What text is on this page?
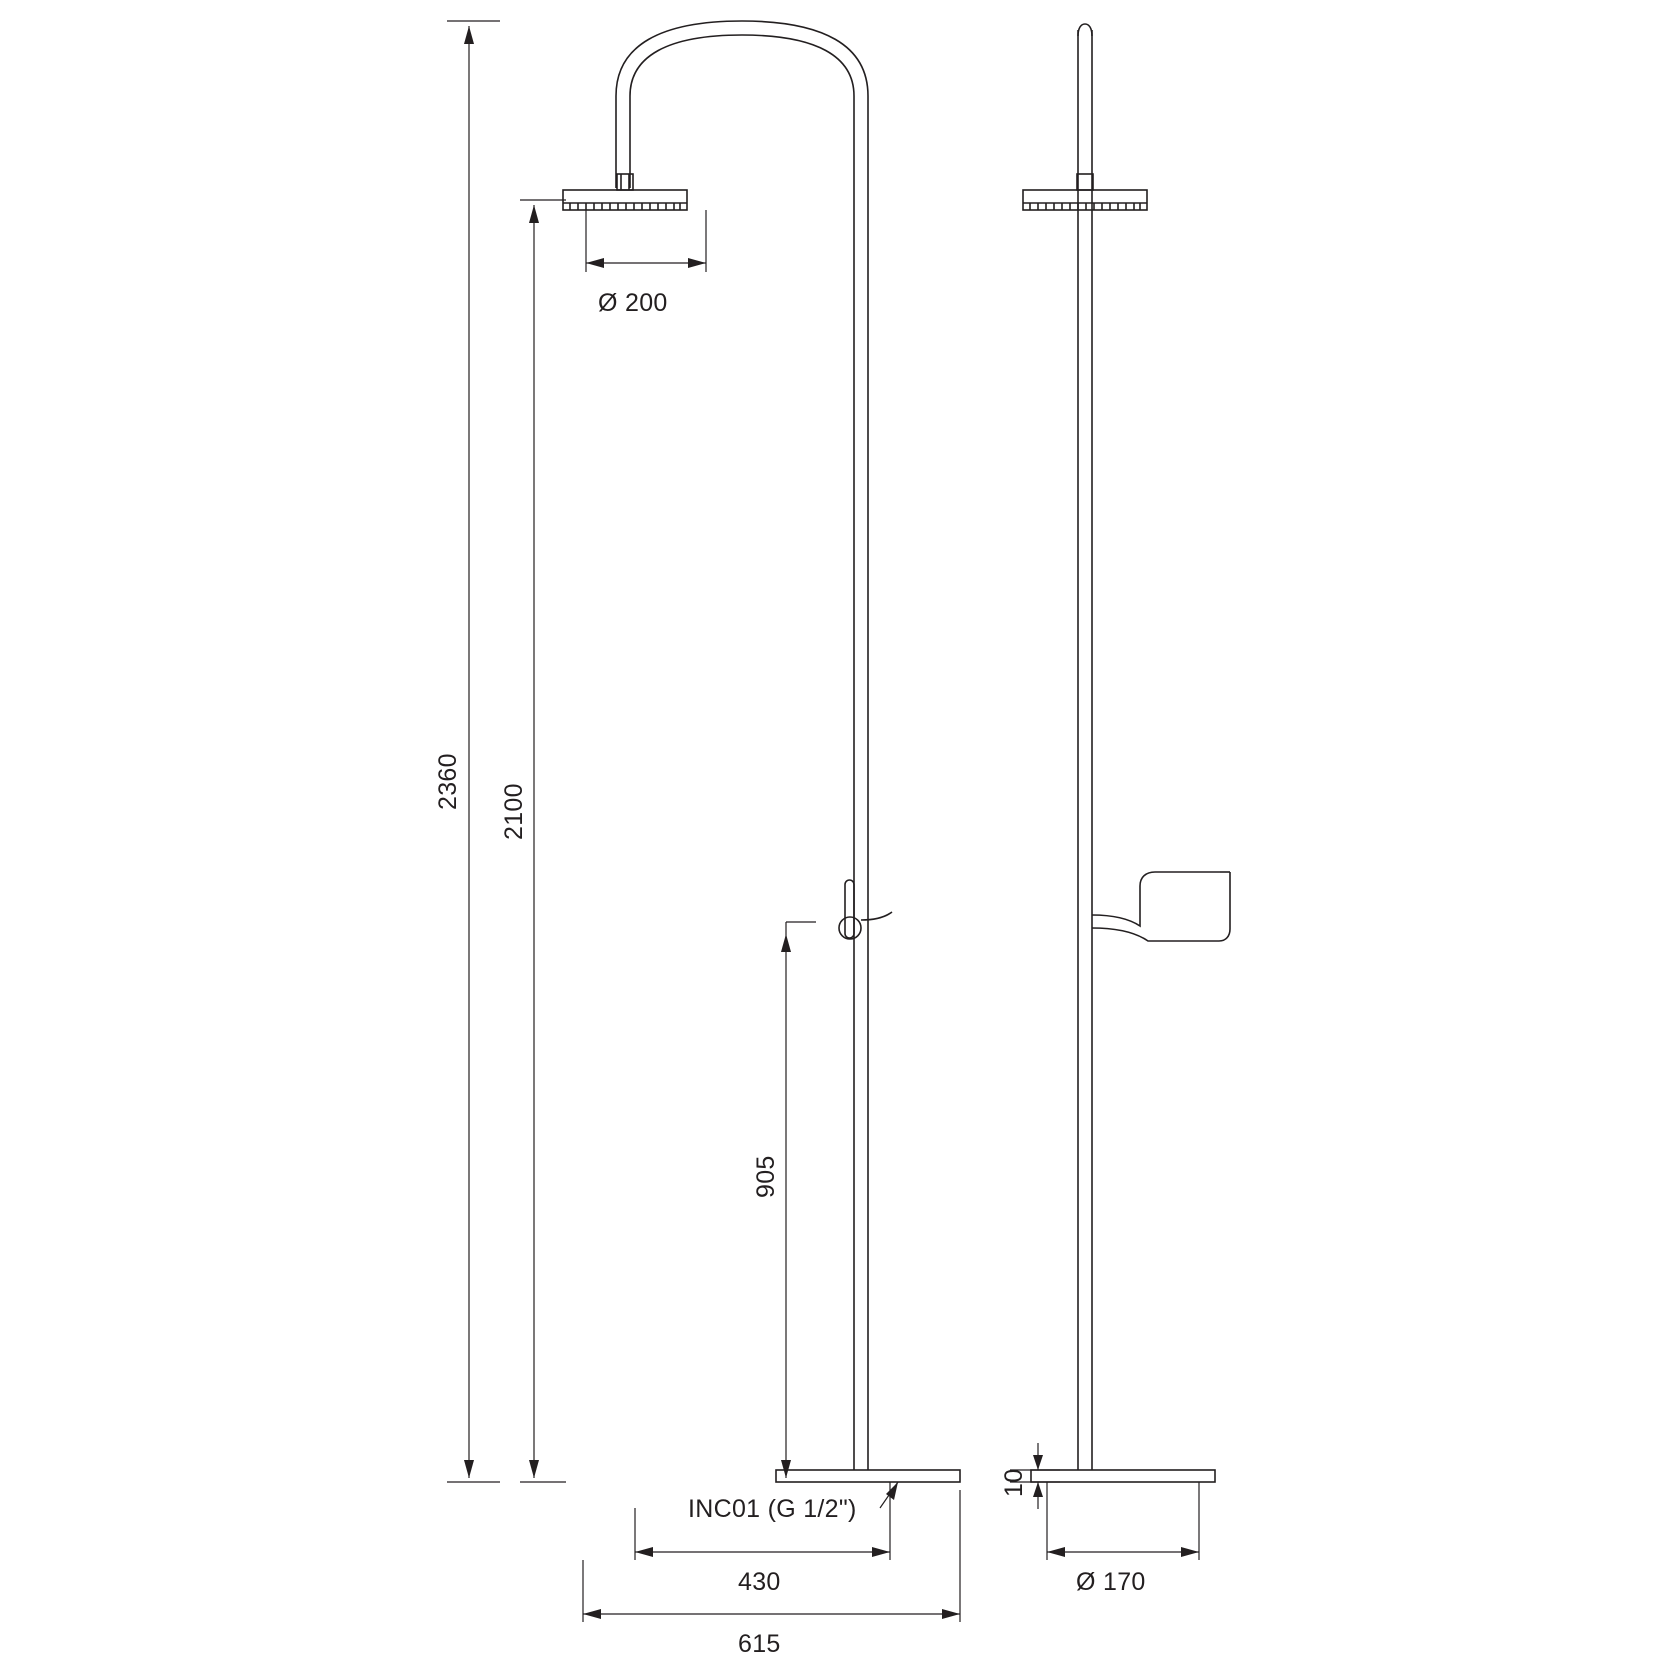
2360
2100
Ø 200
905
INC01 (G 1/2")
430
615
10
Ø 170
